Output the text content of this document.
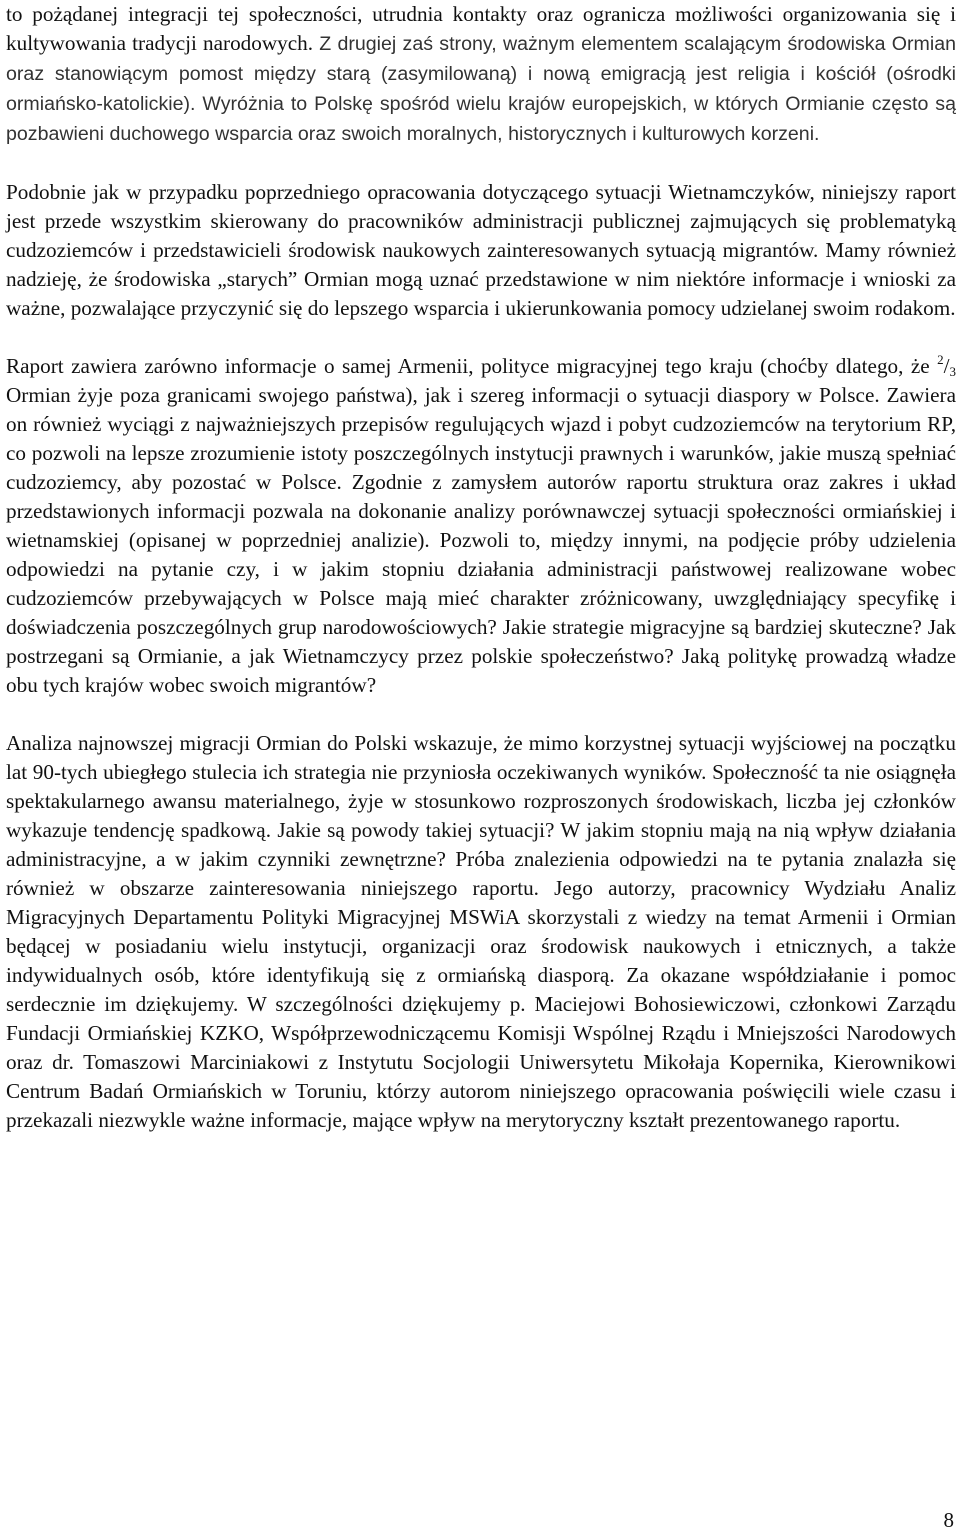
to pożądanej integracji tej społeczności, utrudnia kontakty oraz ogranicza możliwości organizowania się i kultywowania tradycji narodowych. Z drugiej zaś strony, ważnym elementem scalającym środowiska Ormian oraz stanowiącym pomost między starą (zasymilowaną) i nową emigracją jest religia i kościół (ośrodki ormiańsko-katolickie). Wyróżnia to Polskę spośród wielu krajów europejskich, w których Ormianie często są pozbawieni duchowego wsparcia oraz swoich moralnych, historycznych i kulturowych korzeni.

Podobnie jak w przypadku poprzedniego opracowania dotyczącego sytuacji Wietnamczyków, niniejszy raport jest przede wszystkim skierowany do pracowników administracji publicznej zajmujących się problematyką cudzoziemców i przedstawicieli środowisk naukowych zainteresowanych sytuacją migrantów. Mamy również nadzieję, że środowiska „starych” Ormian mogą uznać przedstawione w nim niektóre informacje i wnioski za ważne, pozwalające przyczynić się do lepszego wsparcia i ukierunkowania pomocy udzielanej swoim rodakom.

Raport zawiera zarówno informacje o samej Armenii, polityce migracyjnej tego kraju (choćby dlatego, że $^2$/3 Ormian żyje poza granicami swojego państwa), jak i szereg informacji o sytuacji diaspory w Polsce. Zawiera on również wyciągi z najważniejszych przepisów regulujących wjazd i pobyt cudzoziemców na terytorium RP, co pozwoli na lepsze zrozumienie istoty poszczególnych instytucji prawnych i warunków, jakie muszą spełniać cudzoziemcy, aby pozostać w Polsce. Zgodnie z zamysłem autorów raportu struktura oraz zakres i układ przedstawionych informacji pozwala na dokonanie analizy porównawczej sytuacji społeczności ormiańskiej i wietnamskiej (opisanej w poprzedniej analizie). Pozwoli to, między innymi, na podjęcie próby udzielenia odpowiedzi na pytanie czy, i w jakim stopniu działania administracji państwowej realizowane wobec cudzoziemców przebywających w Polsce mają mieć charakter zróżnicowany, uwzględniający specyfikę i doświadczenia poszczególnych grup narodowościowych? Jakie strategie migracyjne są bardziej skuteczne? Jak postrzegani są Ormianie, a jak Wietnamczycy przez polskie społeczeństwo? Jaką politykę prowadzą władze obu tych krajów wobec swoich migrantów?

Analiza najnowszej migracji Ormian do Polski wskazuje, że mimo korzystnej sytuacji wyjściowej na początku lat 90-tych ubiegłego stulecia ich strategia nie przyniosła oczekiwanych wyników. Społeczność ta nie osiągnęła spektakularnego awansu materialnego, żyje w stosunkowo rozproszonych środowiskach, liczba jej członków wykazuje tendencję spadkową. Jakie są powody takiej sytuacji? W jakim stopniu mają na nią wpływ działania administracyjne, a w jakim czynniki zewnętrzne? Próba znalezienia odpowiedzi na te pytania znalazła się również w obszarze zainteresowania niniejszego raportu. Jego autorzy, pracownicy Wydziału Analiz Migracyjnych Departamentu Polityki Migracyjnej MSWiA skorzystali z wiedzy na temat Armenii i Ormian będącej w posiadaniu wielu instytucji, organizacji oraz środowisk naukowych i etnicznych, a także indywidualnych osób, które identyfikują się z ormiańską diasporą. Za okazane współdziałanie i pomoc serdecznie im dziękujemy. W szczególności dziękujemy p. Maciejowi Bohosiewiczowi, członkowi Zarządu Fundacji Ormiańskiej KZKO, Współprzewodniczącemu Komisji Wspólnej Rządu i Mniejszości Narodowych oraz dr. Tomaszowi Marciniakowi z Instytutu Socjologii Uniwersytetu Mikołaja Kopernika, Kierownikowi Centrum Badań Ormiańskich w Toruniu, którzy autorom niniejszego opracowania poświęcili wiele czasu i przekazali niezwykle ważne informacje, mające wpływ na merytoryczny kształt prezentowanego raportu.

8
